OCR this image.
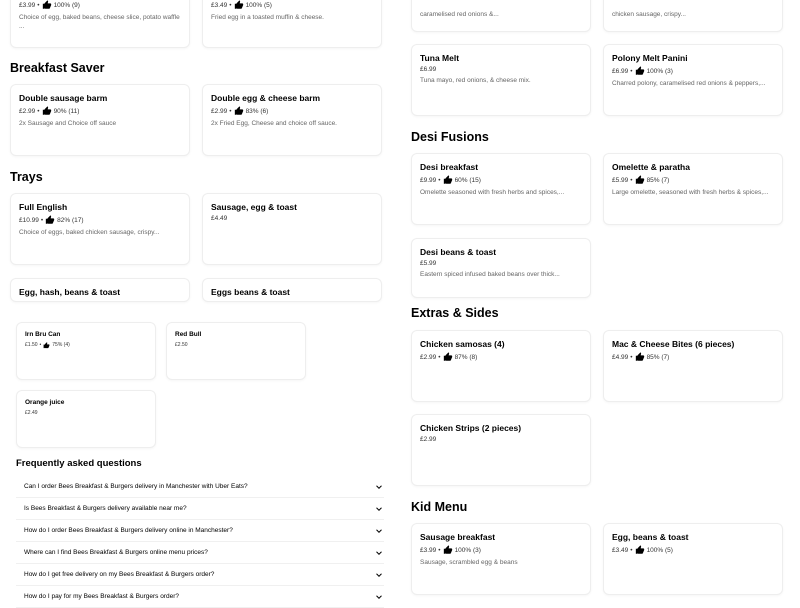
£3.99 • 100% (9)
Choice of egg, baked beans, cheese slice, potato waffle ...
£3.49 • 100% (5)
Fried egg in a toasted muffin & cheese.	caramelised red onions &...	chicken sausage, crispy...
Breakfast Saver
Trays
Desi Fusions
Extras & Sides
Kid Menu
Double sausage barm
£2.99 • 90% (11)
2x Sausage and Choice off sauce
Double egg & cheese barm
£2.99 • 83% (6)
2x Fried Egg, Cheese and choice off sauce.
Full English
£10.99 • 82% (17)
Choice of eggs, baked chicken sausage, crispy...
Sausage, egg & toast
£4.49
Egg, hash, beans & toast	Eggs beans & toast
Irn Bru Can
£1.50 • 75% (4)
Red Bull
£2.50
Orange juice
£2.49
Tuna Melt
£6.99
Tuna mayo, red onions, & cheese mix.
Polony Melt Panini
£6.99 • 100% (3)
Charred polony, caramelised red onions & peppers,...
Desi breakfast
£9.99 • 60% (15)
Omelette seasoned with fresh herbs and spices,...
Omelette & paratha
£5.99 • 85% (7)
Large omelette, seasoned with fresh herbs & spices,...
Desi beans & toast
£5.99
Eastern spiced infused baked beans over thick...
Chicken samosas (4)
£2.99 • 87% (8)
Mac & Cheese Bites (6 pieces)
£4.99 • 85% (7)
Chicken Strips (2 pieces)
£2.99
Sausage breakfast
£3.99 • 100% (3)
Sausage, scrambled egg & beans
Egg, beans & toast
£3.49 • 100% (5)
Frequently asked questions
Can I order Bees Breakfast & Burgers delivery in Manchester with Uber Eats?
Is Bees Breakfast & Burgers delivery available near me?
How do I order Bees Breakfast & Burgers delivery online in Manchester?
Where can I find Bees Breakfast & Burgers online menu prices?
How do I get free delivery on my Bees Breakfast & Burgers order?
How do I pay for my Bees Breakfast & Burgers order?
